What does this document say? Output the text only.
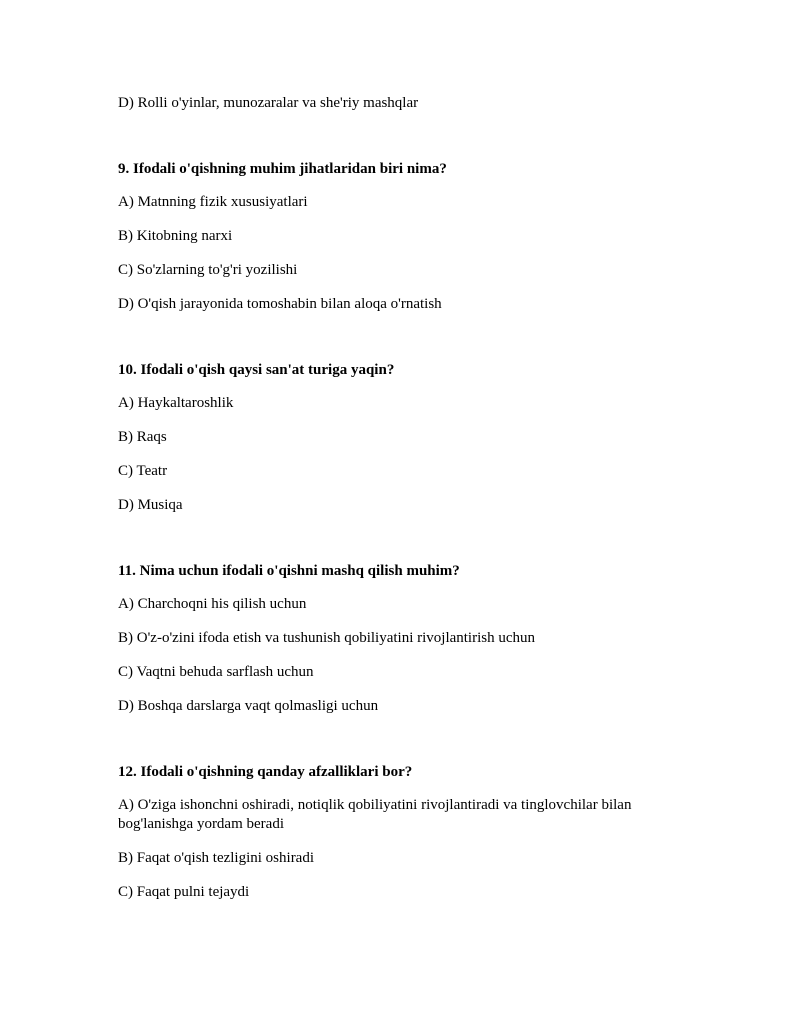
D) Rolli o'yinlar, munozaralar va she'riy mashqlar

9. Ifodali o'qishning muhim jihatlaridan biri nima?

A) Matnning fizik xususiyatlari

B) Kitobning narxi

C) So'zlarning to'g'ri yozilishi

D) O'qish jarayonida tomoshabin bilan aloqa o'rnatish

10. Ifodali o'qish qaysi san'at turiga yaqin?

A) Haykaltaroshlik

B) Raqs

C) Teatr

D) Musiqa

11. Nima uchun ifodali o'qishni mashq qilish muhim?

A) Charchoqni his qilish uchun

B) O'z-o'zini ifoda etish va tushunish qobiliyatini rivojlantirish uchun

C) Vaqtni behuda sarflash uchun

D) Boshqa darslarga vaqt qolmasligi uchun

12. Ifodali o'qishning qanday afzalliklari bor?

A) O'ziga ishonchni oshiradi, notiqlik qobiliyatini rivojlantiradi va tinglovchilar bilan bog'lanishga yordam beradi

B) Faqat o'qish tezligini oshiradi

C) Faqat pulni tejaydi
